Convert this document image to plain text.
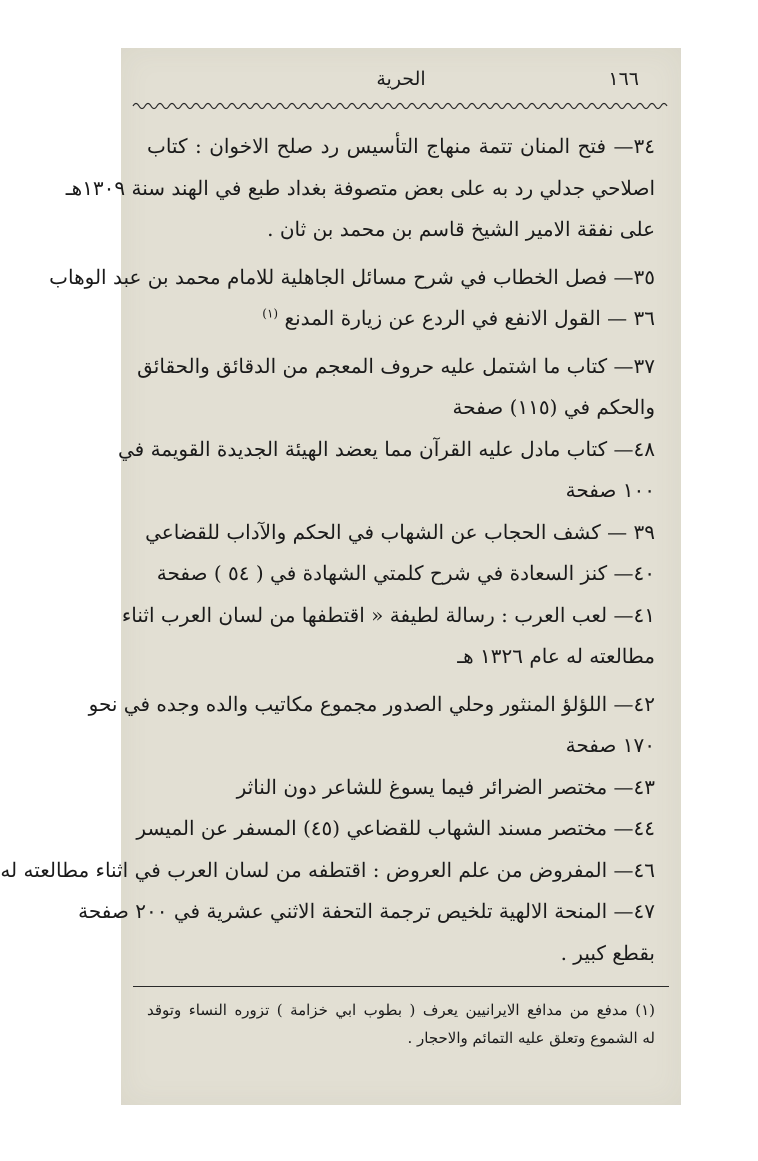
١٦٦
الحرية
٣٤— فتح المنان تتمة منهاج التأسيس رد صلح الاخوان : كتاب
اصلاحي جدلي رد به على بعض متصوفة بغداد طبع في الهند سنة ١٣٠٩هـ
على نفقة الامير الشيخ قاسم بن محمد بن ثان .
٣٥— فصل الخطاب في شرح مسائل الجاهلية للامام محمد بن عبد الوهاب
٣٦ — القول الانفع في الردع عن زيارة المدنع $^{(١)}$
٣٧— كتاب ما اشتمل عليه حروف المعجم من الدقائق والحقائق
والحكم في (١١٥) صفحة
٤٨— كتاب مادل عليه القرآن مما يعضد الهيئة الجديدة القويمة في
١٠٠ صفحة
٣٩ — كشف الحجاب عن الشهاب في الحكم والآداب للقضاعي
٤٠— كنز السعادة في شرح كلمتي الشهادة في ( ٥٤ ) صفحة
٤١— لعب العرب : رسالة لطيفة « اقتطفها من لسان العرب اثناء
مطالعته له عام ١٣٢٦ هـ
٤٢— اللؤلؤ المنثور وحلي الصدور مجموع مكاتيب والده وجده في نحو
١٧٠ صفحة
٤٣— مختصر الضرائر فيما يسوغ للشاعر دون الناثر
٤٤— مختصر مسند الشهاب للقضاعي (٤٥) المسفر عن الميسر
٤٦— المفروض من علم العروض : اقتطفه من لسان العرب في اثناء مطالعته له
٤٧— المنحة الالهية تلخيص ترجمة التحفة الاثني عشرية في ٢٠٠ صفحة
بقطع كبير .
(١) مدفع من مدافع الايرانيين يعرف ( بطوب ابي خزامة ) تزوره النساء وتوقد
له الشموع وتعلق عليه التمائم والاحجار .
